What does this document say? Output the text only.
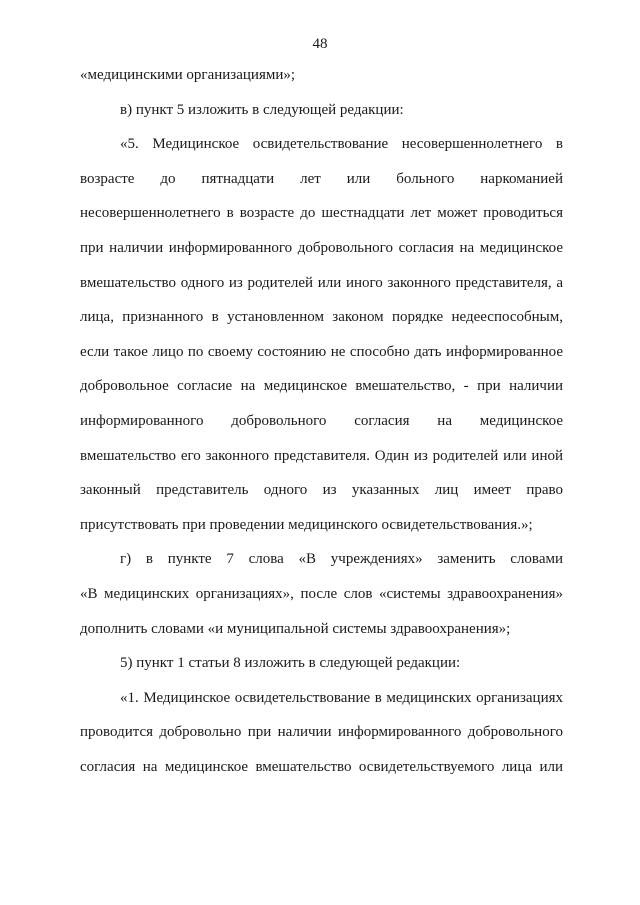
48
«медицинскими организациями»;
в) пункт 5 изложить в следующей редакции:
«5. Медицинское освидетельствование несовершеннолетнего в
возрасте до пятнадцати лет или больного наркоманией
несовершеннолетнего в возрасте до шестнадцати лет может проводиться
при наличии информированного добровольного согласия на медицинское
вмешательство одного из родителей или иного законного представителя, а
лица, признанного в установленном законом порядке недееспособным,
если такое лицо по своему состоянию не способно дать информированное
добровольное согласие на медицинское вмешательство, - при наличии
информированного добровольного согласия на медицинское
вмешательство его законного представителя. Один из родителей или иной
законный представитель одного из указанных лиц имеет право
присутствовать при проведении медицинского освидетельствования.»;
г) в пункте 7 слова «В учреждениях» заменить словами
«В медицинских организациях», после слов «системы здравоохранения»
дополнить словами «и муниципальной системы здравоохранения»;
5) пункт 1 статьи 8 изложить в следующей редакции:
«1. Медицинское освидетельствование в медицинских организациях
проводится добровольно при наличии информированного добровольного
согласия на медицинское вмешательство освидетельствуемого лица или
